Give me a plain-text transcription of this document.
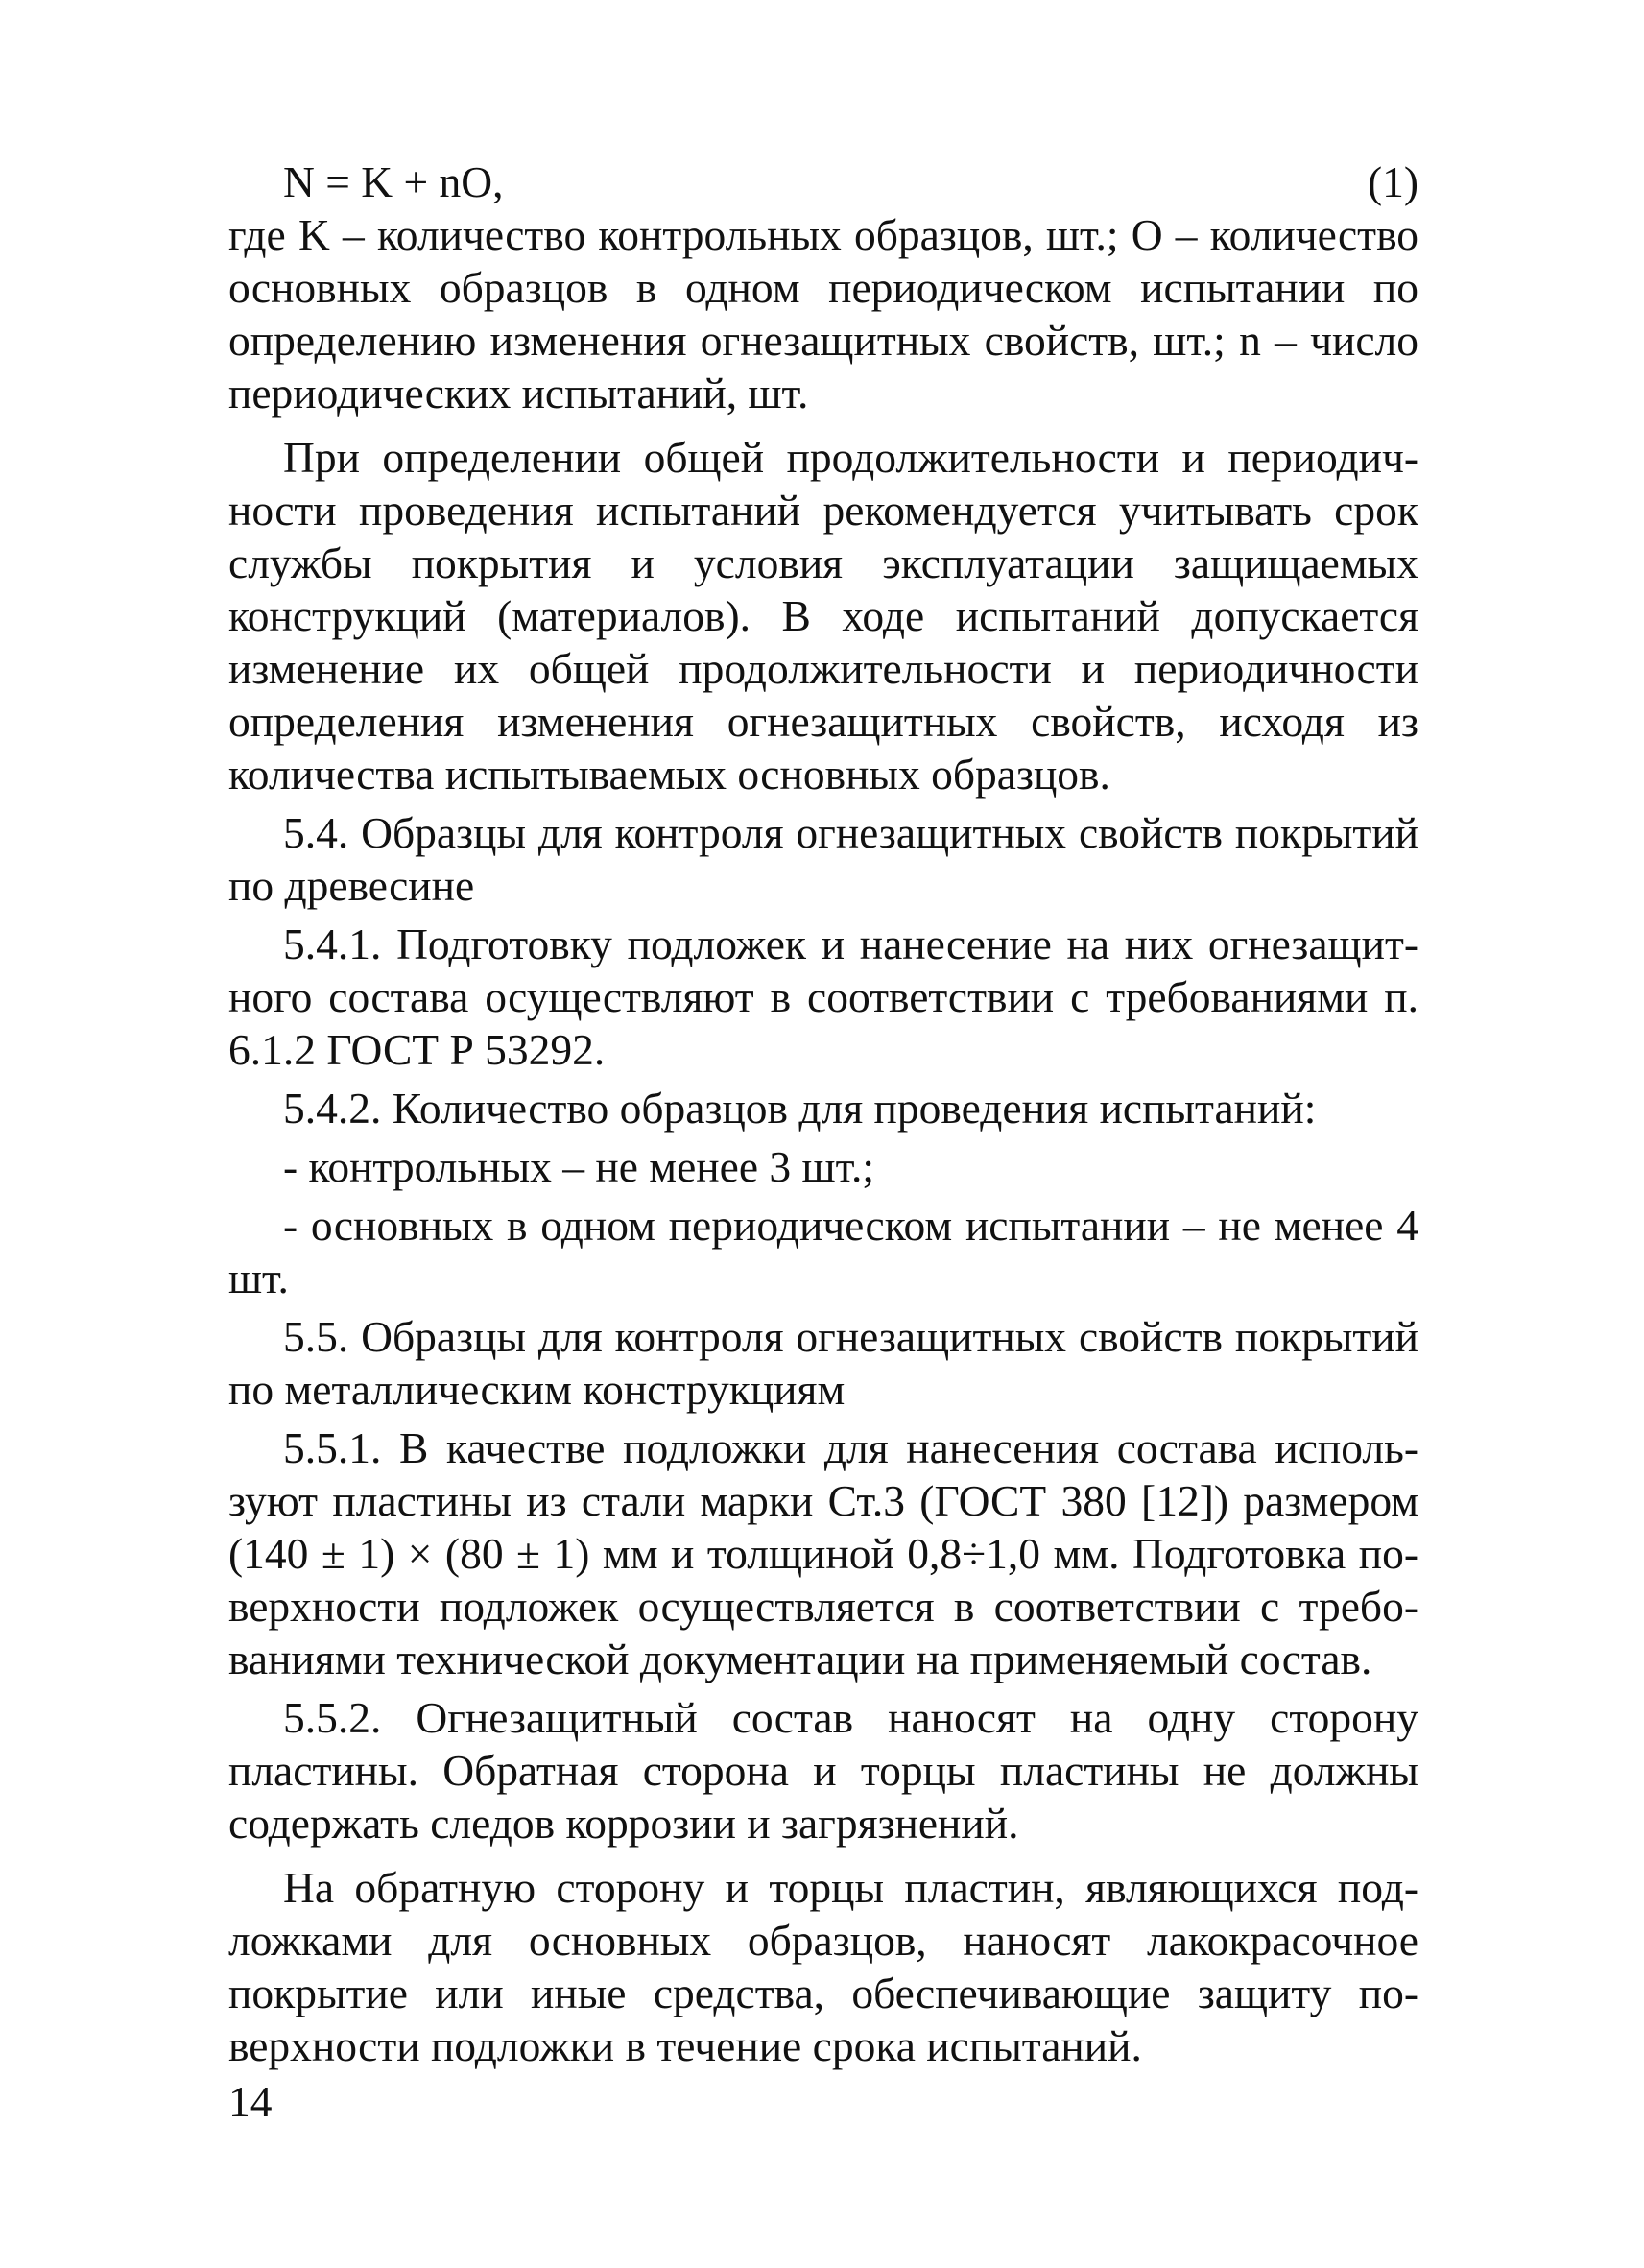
N = K + nO,	(1)

где K – количество контрольных образцов, шт.; О – количество основных образцов в одном периодическом испытании по определению изменения огнезащитных свойств, шт.; n – число периодических испытаний, шт.

При определении общей продолжительности и периодичности проведения испытаний рекомендуется учитывать срок службы покрытия и условия эксплуатации защищаемых конструкций (материалов). В ходе испытаний допускается изменение их общей продолжительности и периодичности определения изменения огнезащитных свойств, исходя из количества испытываемых основных образцов.

5.4. Образцы для контроля огнезащитных свойств покрытий по древесине

5.4.1. Подготовку подложек и нанесение на них огнезащитного состава осуществляют в соответствии с требованиями п. 6.1.2 ГОСТ Р 53292.

5.4.2. Количество образцов для проведения испытаний:

- контрольных – не менее 3 шт.;

- основных в одном периодическом испытании – не менее 4 шт.

5.5. Образцы для контроля огнезащитных свойств покрытий по металлическим конструкциям

5.5.1. В качестве подложки для нанесения состава используют пластины из стали марки Ст.3 (ГОСТ 380 [12]) размером (140 ± 1) × (80 ± 1) мм и толщиной 0,8÷1,0 мм. Подготовка поверхности подложек осуществляется в соответствии с требованиями технической документации на применяемый состав.

5.5.2. Огнезащитный состав наносят на одну сторону пластины. Обратная сторона и торцы пластины не должны содержать следов коррозии и загрязнений.

На обратную сторону и торцы пластин, являющихся подложками для основных образцов, наносят лакокрасочное покрытие или иные средства, обеспечивающие защиту поверхности подложки в течение срока испытаний.

14
